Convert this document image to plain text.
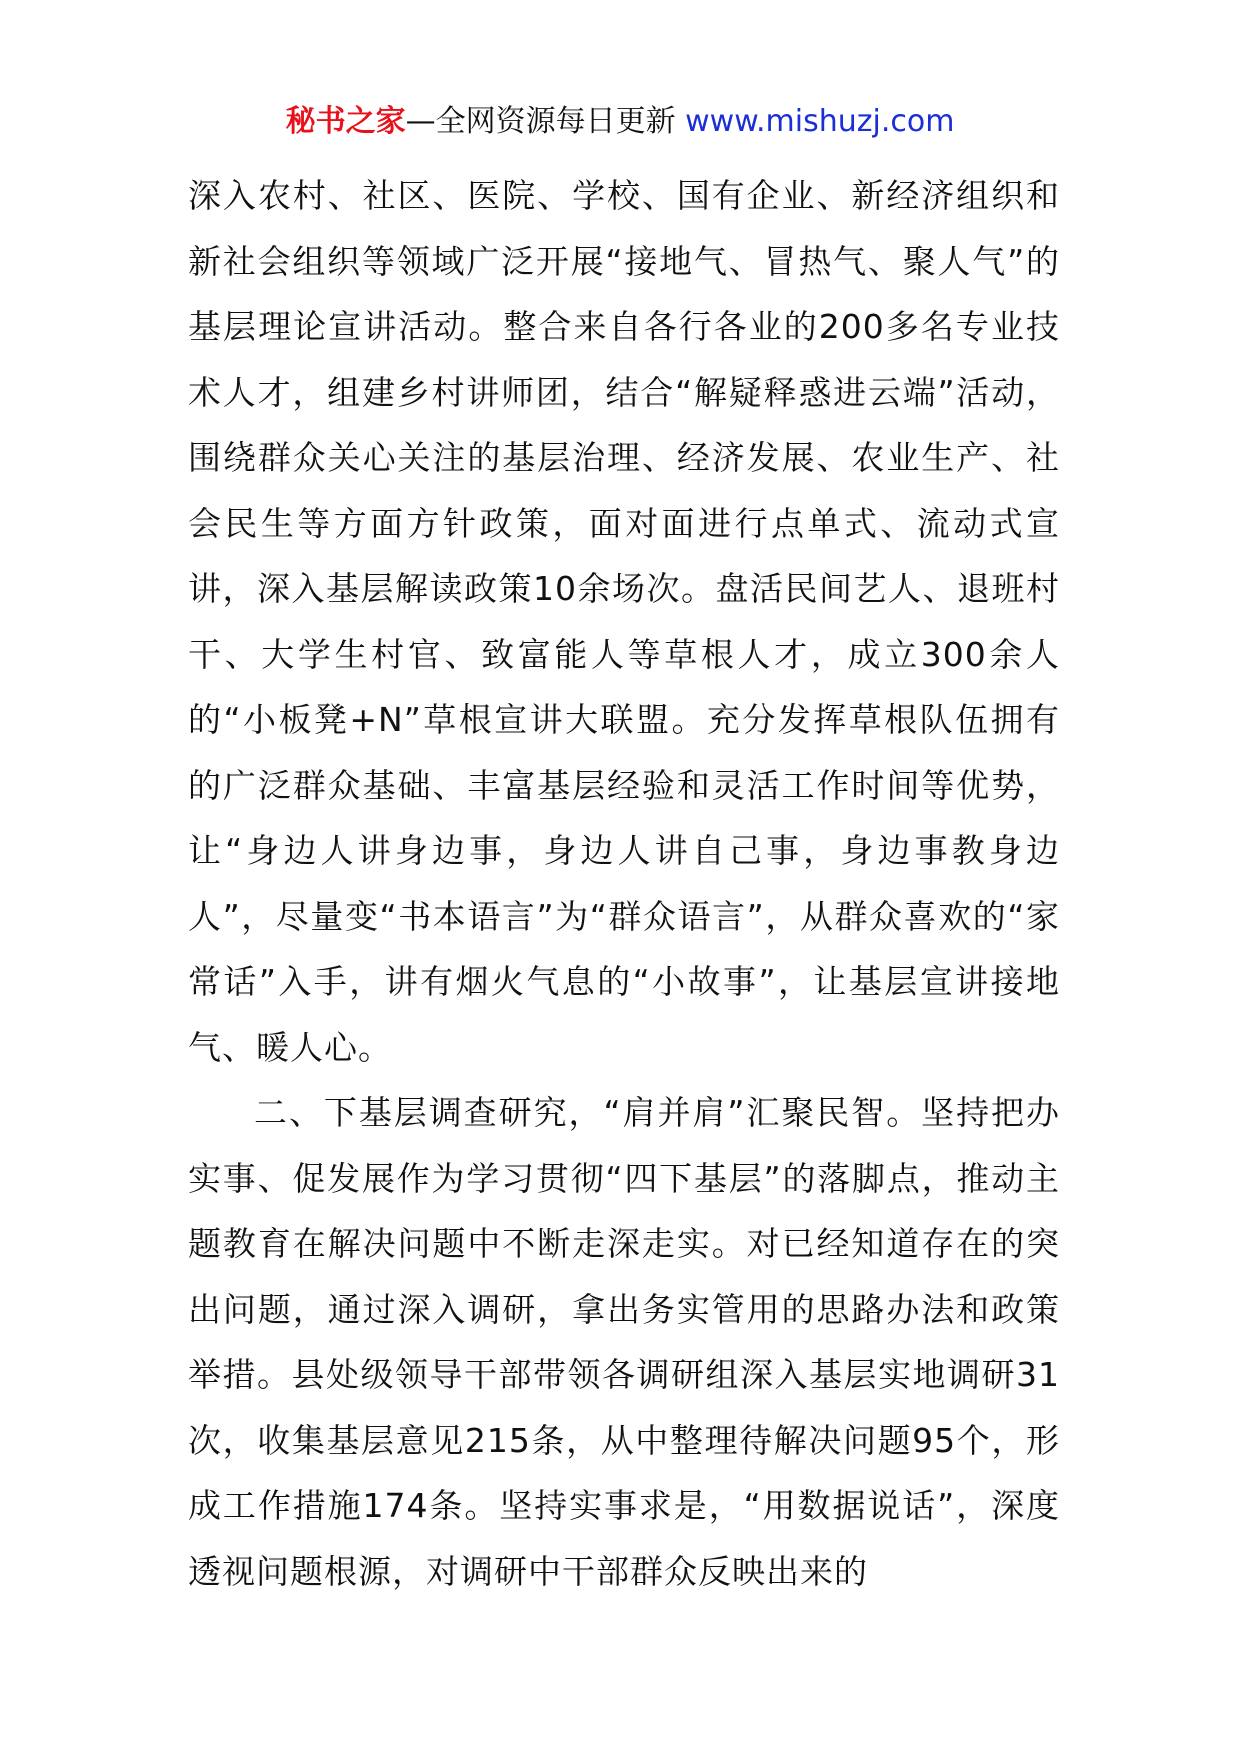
秘书之家—全网资源每日更新 www.mishuzj.com

深入农村、社区、医院、学校、国有企业、新经济组织和新社会组织等领域广泛开展“接地气、冒热气、聚人气”的基层理论宣讲活动。整合来自各行各业的200多名专业技术人才，组建乡村讲师团，结合“解疑释惑进云端”活动，围绕群众关心关注的基层治理、经济发展、农业生产、社会民生等方面方针政策，面对面进行点单式、流动式宣讲，深入基层解读政策10余场次。盘活民间艺人、退班村干、大学生村官、致富能人等草根人才，成立300余人的“小板凳+N”草根宣讲大联盟。充分发挥草根队伍拥有的广泛群众基础、丰富基层经验和灵活工作时间等优势，让“身边人讲身边事，身边人讲自己事，身边事教身边人”，尽量变“书本语言”为“群众语言”，从群众喜欢的“家常话”入手，讲有烟火气息的“小故事”，让基层宣讲接地气、暖人心。

二、下基层调查研究，“肩并肩”汇聚民智。坚持把办实事、促发展作为学习贯彻“四下基层”的落脚点，推动主题教育在解决问题中不断走深走实。对已经知道存在的突出问题，通过深入调研，拿出务实管用的思路办法和政策举措。县处级领导干部带领各调研组深入基层实地调研31次，收集基层意见215条，从中整理待解决问题95个，形成工作措施174条。坚持实事求是，“用数据说话”，深度透视问题根源，对调研中干部群众反映出来的
